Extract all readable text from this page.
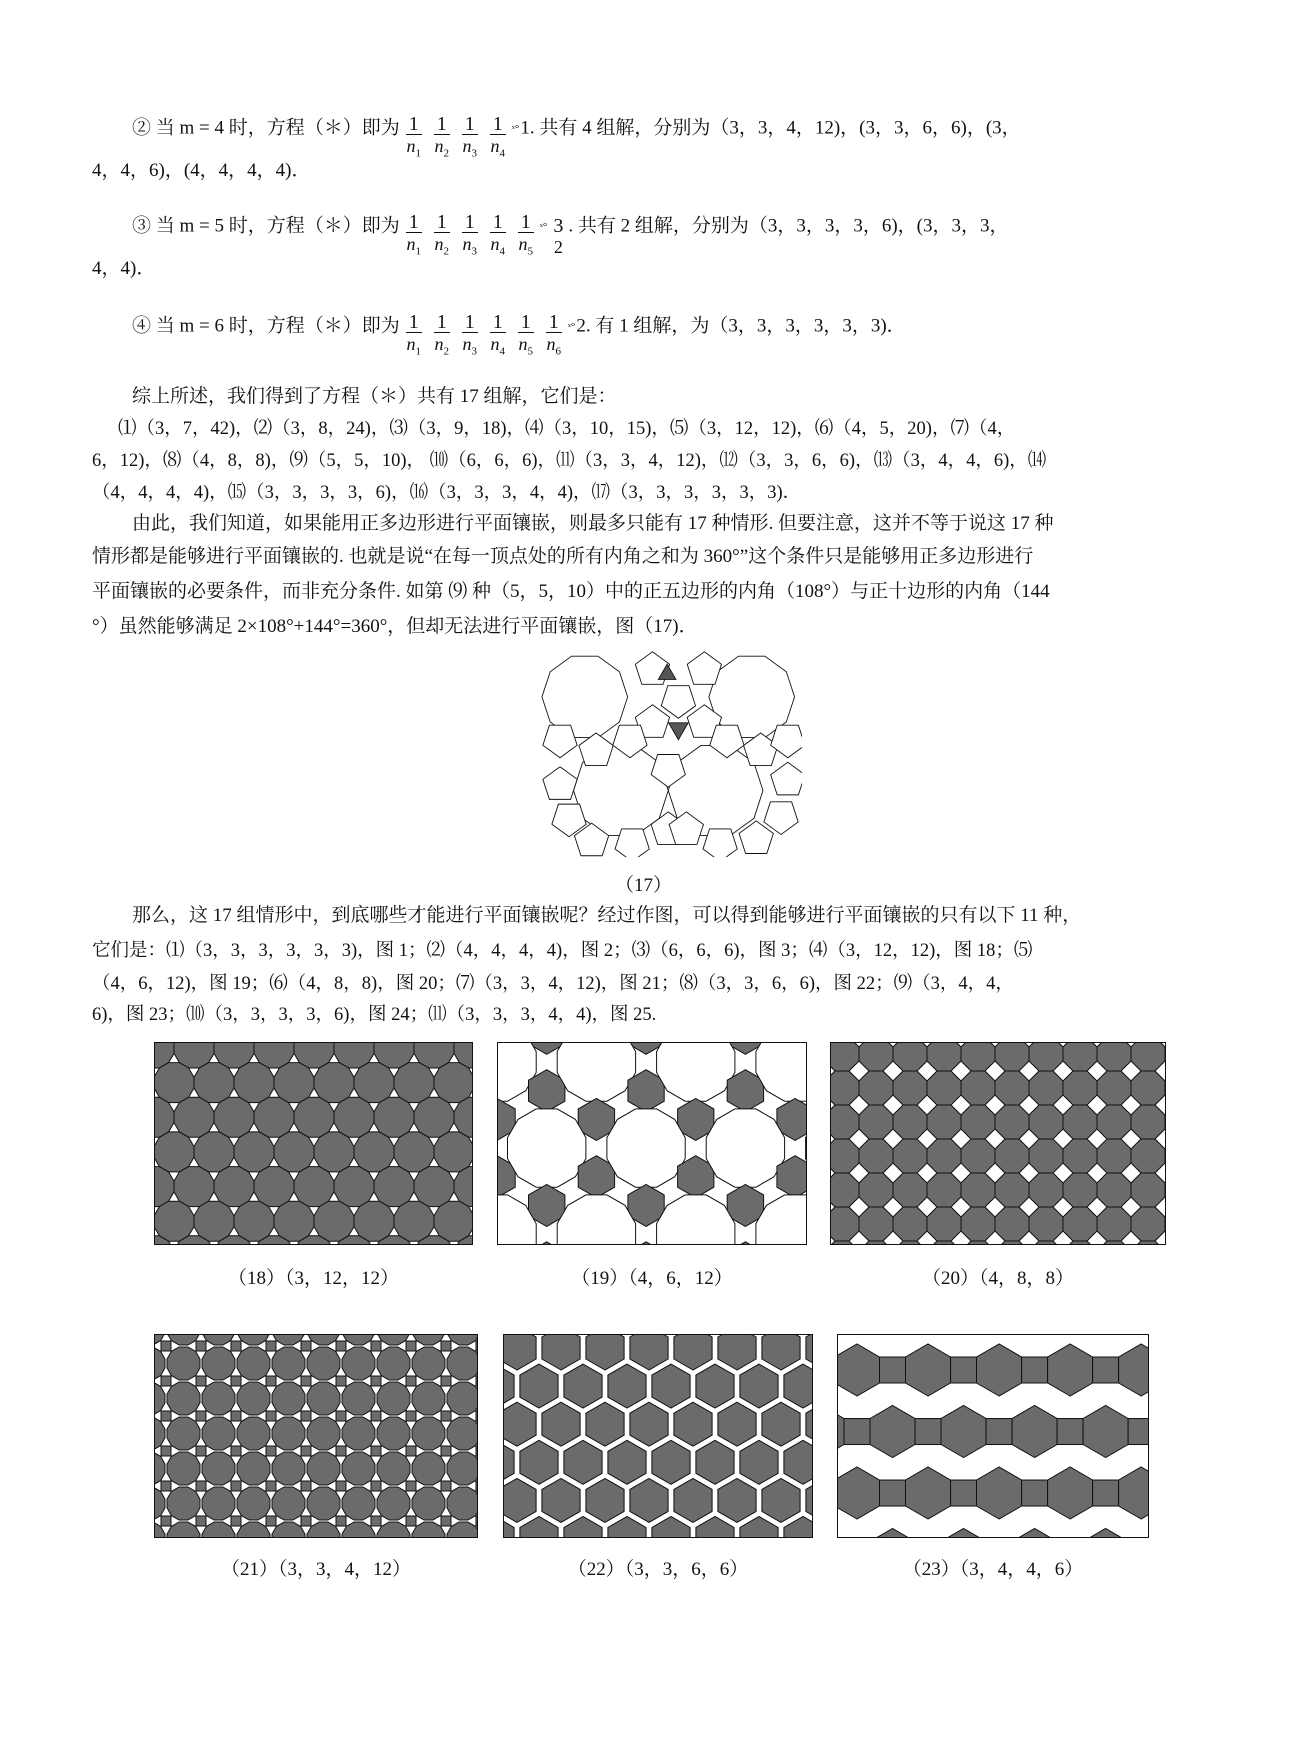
② 当 m = 4 时，方程（＊）即为 $\frac{1}{n_1} \frac{1}{n_2} \frac{1}{n_3} \frac{1}{n_4}$ ˣ°1. 共有 4 组解，分别为（3，3，4，12)，(3，3，6，6)，(3，
4，4，6)，(4，4，4，4)．
③ 当 m = 5 时，方程（＊）即为 $\frac{1}{n_1} \frac{1}{n_2} \frac{1}{n_3} \frac{1}{n_4} \frac{1}{n_5}$ ˣ° 3
2
. 共有 2 组解，分别为（3，3，3，3，6)，(3，3，3，
4，4)．
④ 当 m = 6 时，方程（＊）即为 $\frac{1}{n_1} \frac{1}{n_2} \frac{1}{n_3} \frac{1}{n_4} \frac{1}{n_5} \frac{1}{n_6}$ ˣ°2. 有 1 组解，为（3，3，3，3，3，3)．
综上所述，我们得到了方程（＊）共有 17 组解，它们是：
⑴（3，7，42)，⑵（3，8，24)，⑶（3，9，18)，⑷（3，10，15)，⑸（3，12，12)，⑹（4，5，20)，⑺（4，
6，12)，⑻（4，8，8)，⑼（5，5，10)， ⑽（6，6，6)，⑾（3，3，4，12)，⑿（3，3，6，6)，⒀（3，4，4，6)，⒁
（4，4，4，4)，⒂（3，3，3，3，6)，⒃（3，3，3，4，4)，⒄（3，3，3，3，3，3)．
由此，我们知道，如果能用正多边形进行平面镶嵌，则最多只能有 17 种情形. 但要注意，这并不等于说这 17 种
情形都是能够进行平面镶嵌的. 也就是说“在每一顶点处的所有内角之和为 360°”这个条件只是能够用正多边形进行
平面镶嵌的必要条件，而非充分条件. 如第 ⑼ 种（5，5，10）中的正五边形的内角（108°）与正十边形的内角（144
°）虽然能够满足 2×108°+144°=360°，但却无法进行平面镶嵌，图（17)．
（17）
那么，这 17 组情形中，到底哪些才能进行平面镶嵌呢？经过作图，可以得到能够进行平面镶嵌的只有以下 11 种，
它们是：⑴（3，3，3，3，3，3)，图 1；⑵（4，4，4，4)，图 2；⑶（6，6，6)，图 3；⑷（3，12，12)，图 18；⑸
（4，6，12)，图 19；⑹（4，8，8)，图 20；⑺（3，3，4，12)，图 21；⑻（3，3，6，6)，图 22；⑼（3，4，4，
6)，图 23；⑽（3，3，3，3，6)，图 24；⑾（3，3，3，4，4)，图 25.
（18）（3，12，12）	（19）（4，6，12）	（20）（4，8，8）
（21）（3，3，4，12）	（22）（3，3，6，6）	（23）（3，4，4，6）
